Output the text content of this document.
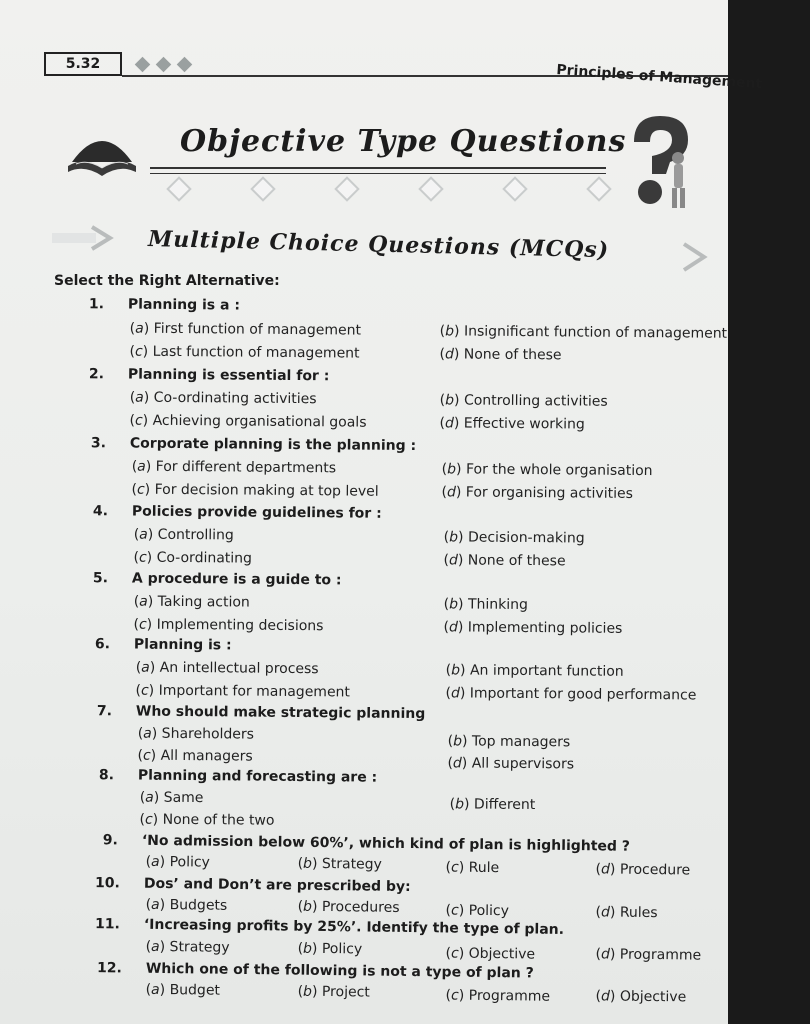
5.32	Principles of Management
Objective Type Questions
Multiple Choice Questions (MCQs)
Select the Right Alternative:
1. Planning is a :
(a) First function of management	(b) Insignificant function of management
(c) Last function of management	(d) None of these
2. Planning is essential for :
(a) Co-ordinating activities	(b) Controlling activities
(c) Achieving organisational goals	(d) Effective working
3. Corporate planning is the planning :
(a) For different departments	(b) For the whole organisation
(c) For decision making at top level	(d) For organising activities
4. Policies provide guidelines for :
(a) Controlling	(b) Decision-making
(c) Co-ordinating	(d) None of these
5. A procedure is a guide to :
(a) Taking action	(b) Thinking
(c) Implementing decisions	(d) Implementing policies
6. Planning is :
(a) An intellectual process	(b) An important function
(c) Important for management	(d) Important for good performance
7. Who should make strategic planning
(a) Shareholders	(b) Top managers
(c) All managers	(d) All supervisors
8. Planning and forecasting are :
(a) Same	(b) Different
(c) None of the two
9. ‘No admission below 60%’, which kind of plan is highlighted ?
(a) Policy	(b) Strategy	(c) Rule	(d) Procedure
10. Dos’ and Don’t are prescribed by:
(a) Budgets	(b) Procedures	(c) Policy	(d) Rules
11. ‘Increasing profits by 25%’. Identify the type of plan.
(a) Strategy	(b) Policy	(c) Objective	(d) Programme
12. Which one of the following is not a type of plan ?
(a) Budget	(b) Project	(c) Programme	(d) Objective
